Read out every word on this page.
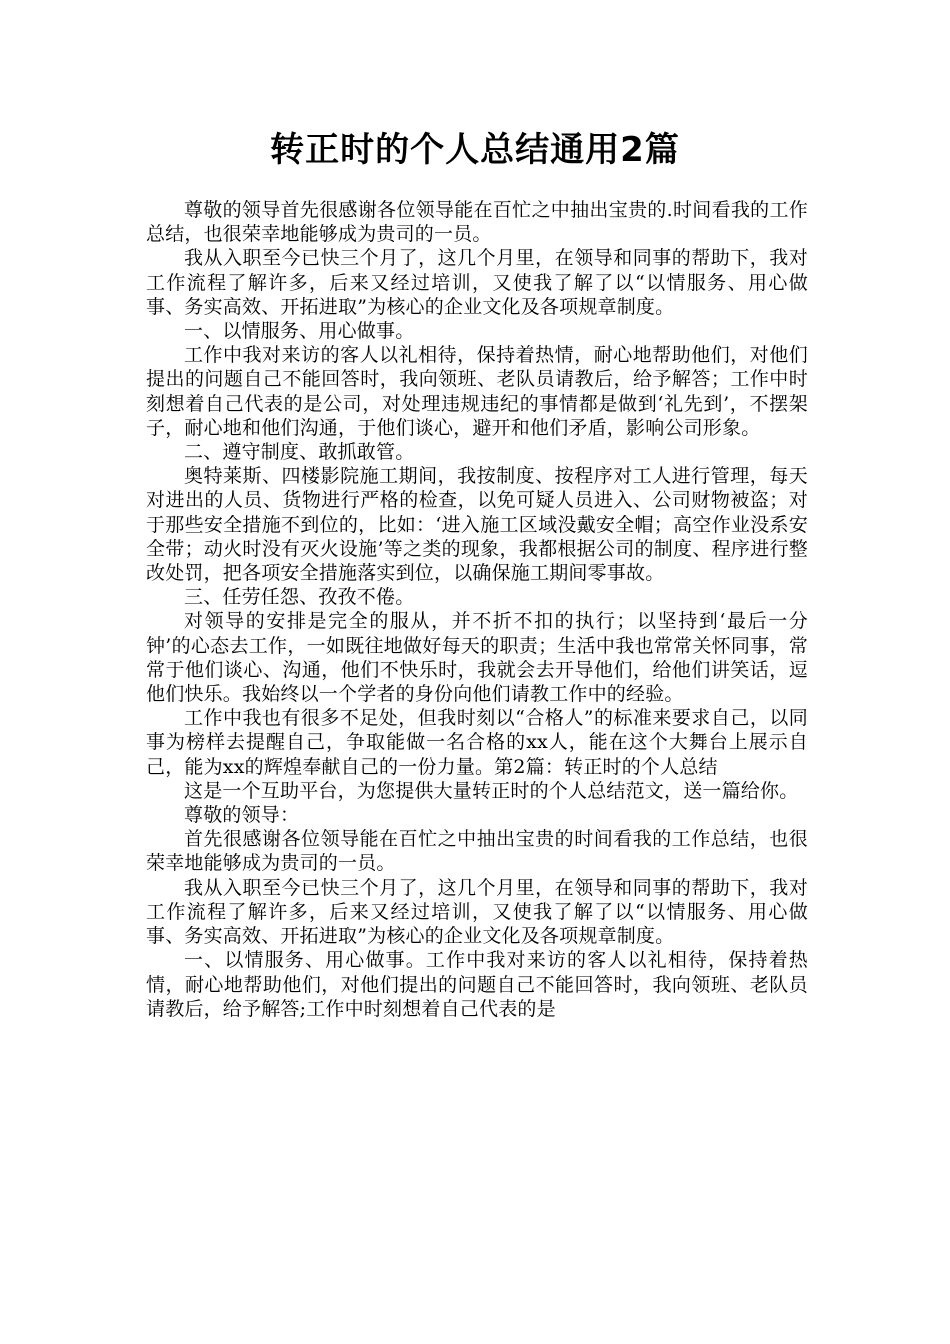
转正时的个人总结通用2篇

尊敬的领导首先很感谢各位领导能在百忙之中抽出宝贵的.时间看我的工作总结，也很荣幸地能够成为贵司的一员。

我从入职至今已快三个月了，这几个月里，在领导和同事的帮助下，我对工作流程了解许多，后来又经过培训，又使我了解了以“以情服务、用心做事、务实高效、开拓进取”为核心的企业文化及各项规章制度。

一、以情服务、用心做事。

工作中我对来访的客人以礼相待，保持着热情，耐心地帮助他们，对他们提出的问题自己不能回答时，我向领班、老队员请教后，给予解答；工作中时刻想着自己代表的是公司，对处理违规违纪的事情都是做到‘礼先到’，不摆架子，耐心地和他们沟通，于他们谈心，避开和他们矛盾，影响公司形象。

二、遵守制度、敢抓敢管。

奥特莱斯、四楼影院施工期间，我按制度、按程序对工人进行管理，每天对进出的人员、货物进行严格的检查，以免可疑人员进入、公司财物被盗；对于那些安全措施不到位的，比如：‘进入施工区域没戴安全帽；高空作业没系安全带；动火时没有灭火设施’等之类的现象，我都根据公司的制度、程序进行整改处罚，把各项安全措施落实到位，以确保施工期间零事故。

三、任劳任怨、孜孜不倦。

对领导的安排是完全的服从，并不折不扣的执行；以坚持到‘最后一分钟’的心态去工作，一如既往地做好每天的职责；生活中我也常常关怀同事，常常于他们谈心、沟通，他们不快乐时，我就会去开导他们，给他们讲笑话，逗他们快乐。我始终以一个学者的身份向他们请教工作中的经验。

工作中我也有很多不足处，但我时刻以“合格人”的标准来要求自己，以同事为榜样去提醒自己，争取能做一名合格的xx人，能在这个大舞台上展示自己，能为xx的辉煌奉献自己的一份力量。第2篇：转正时的个人总结

这是一个互助平台，为您提供大量转正时的个人总结范文，送一篇给你。

尊敬的领导：

首先很感谢各位领导能在百忙之中抽出宝贵的时间看我的工作总结，也很荣幸地能够成为贵司的一员。

我从入职至今已快三个月了，这几个月里，在领导和同事的帮助下，我对工作流程了解许多，后来又经过培训，又使我了解了以“以情服务、用心做事、务实高效、开拓进取”为核心的企业文化及各项规章制度。

一、以情服务、用心做事。工作中我对来访的客人以礼相待，保持着热情，耐心地帮助他们，对他们提出的问题自己不能回答时，我向领班、老队员请教后，给予解答;工作中时刻想着自己代表的是
